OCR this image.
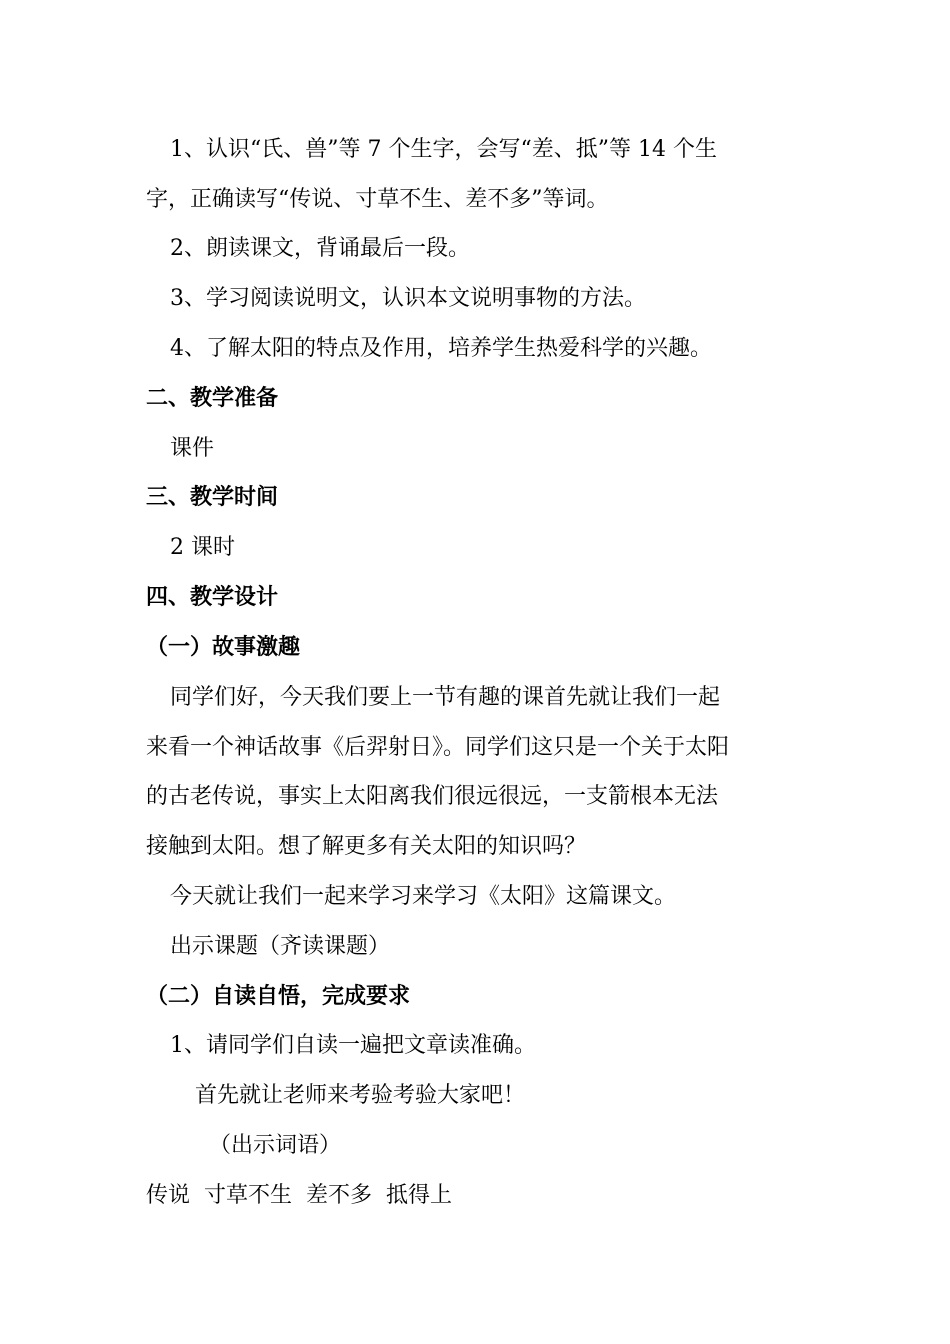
1、认识“氏、兽”等 7 个生字，会写“差、抵”等 14 个生
字，正确读写“传说、寸草不生、差不多”等词。
2、朗读课文，背诵最后一段。
3、学习阅读说明文，认识本文说明事物的方法。
4、了解太阳的特点及作用，培养学生热爱科学的兴趣。
二、教学准备
课件
三、教学时间
2 课时
四、教学设计
（一）故事激趣
同学们好，今天我们要上一节有趣的课首先就让我们一起
来看一个神话故事《后羿射日》。同学们这只是一个关于太阳
的古老传说，事实上太阳离我们很远很远，一支箭根本无法
接触到太阳。想了解更多有关太阳的知识吗？
今天就让我们一起来学习来学习《太阳》这篇课文。
出示课题（齐读课题）
（二）自读自悟，完成要求
1、请同学们自读一遍把文章读准确。
首先就让老师来考验考验大家吧！
（出示词语）
传说  寸草不生  差不多  抵得上
